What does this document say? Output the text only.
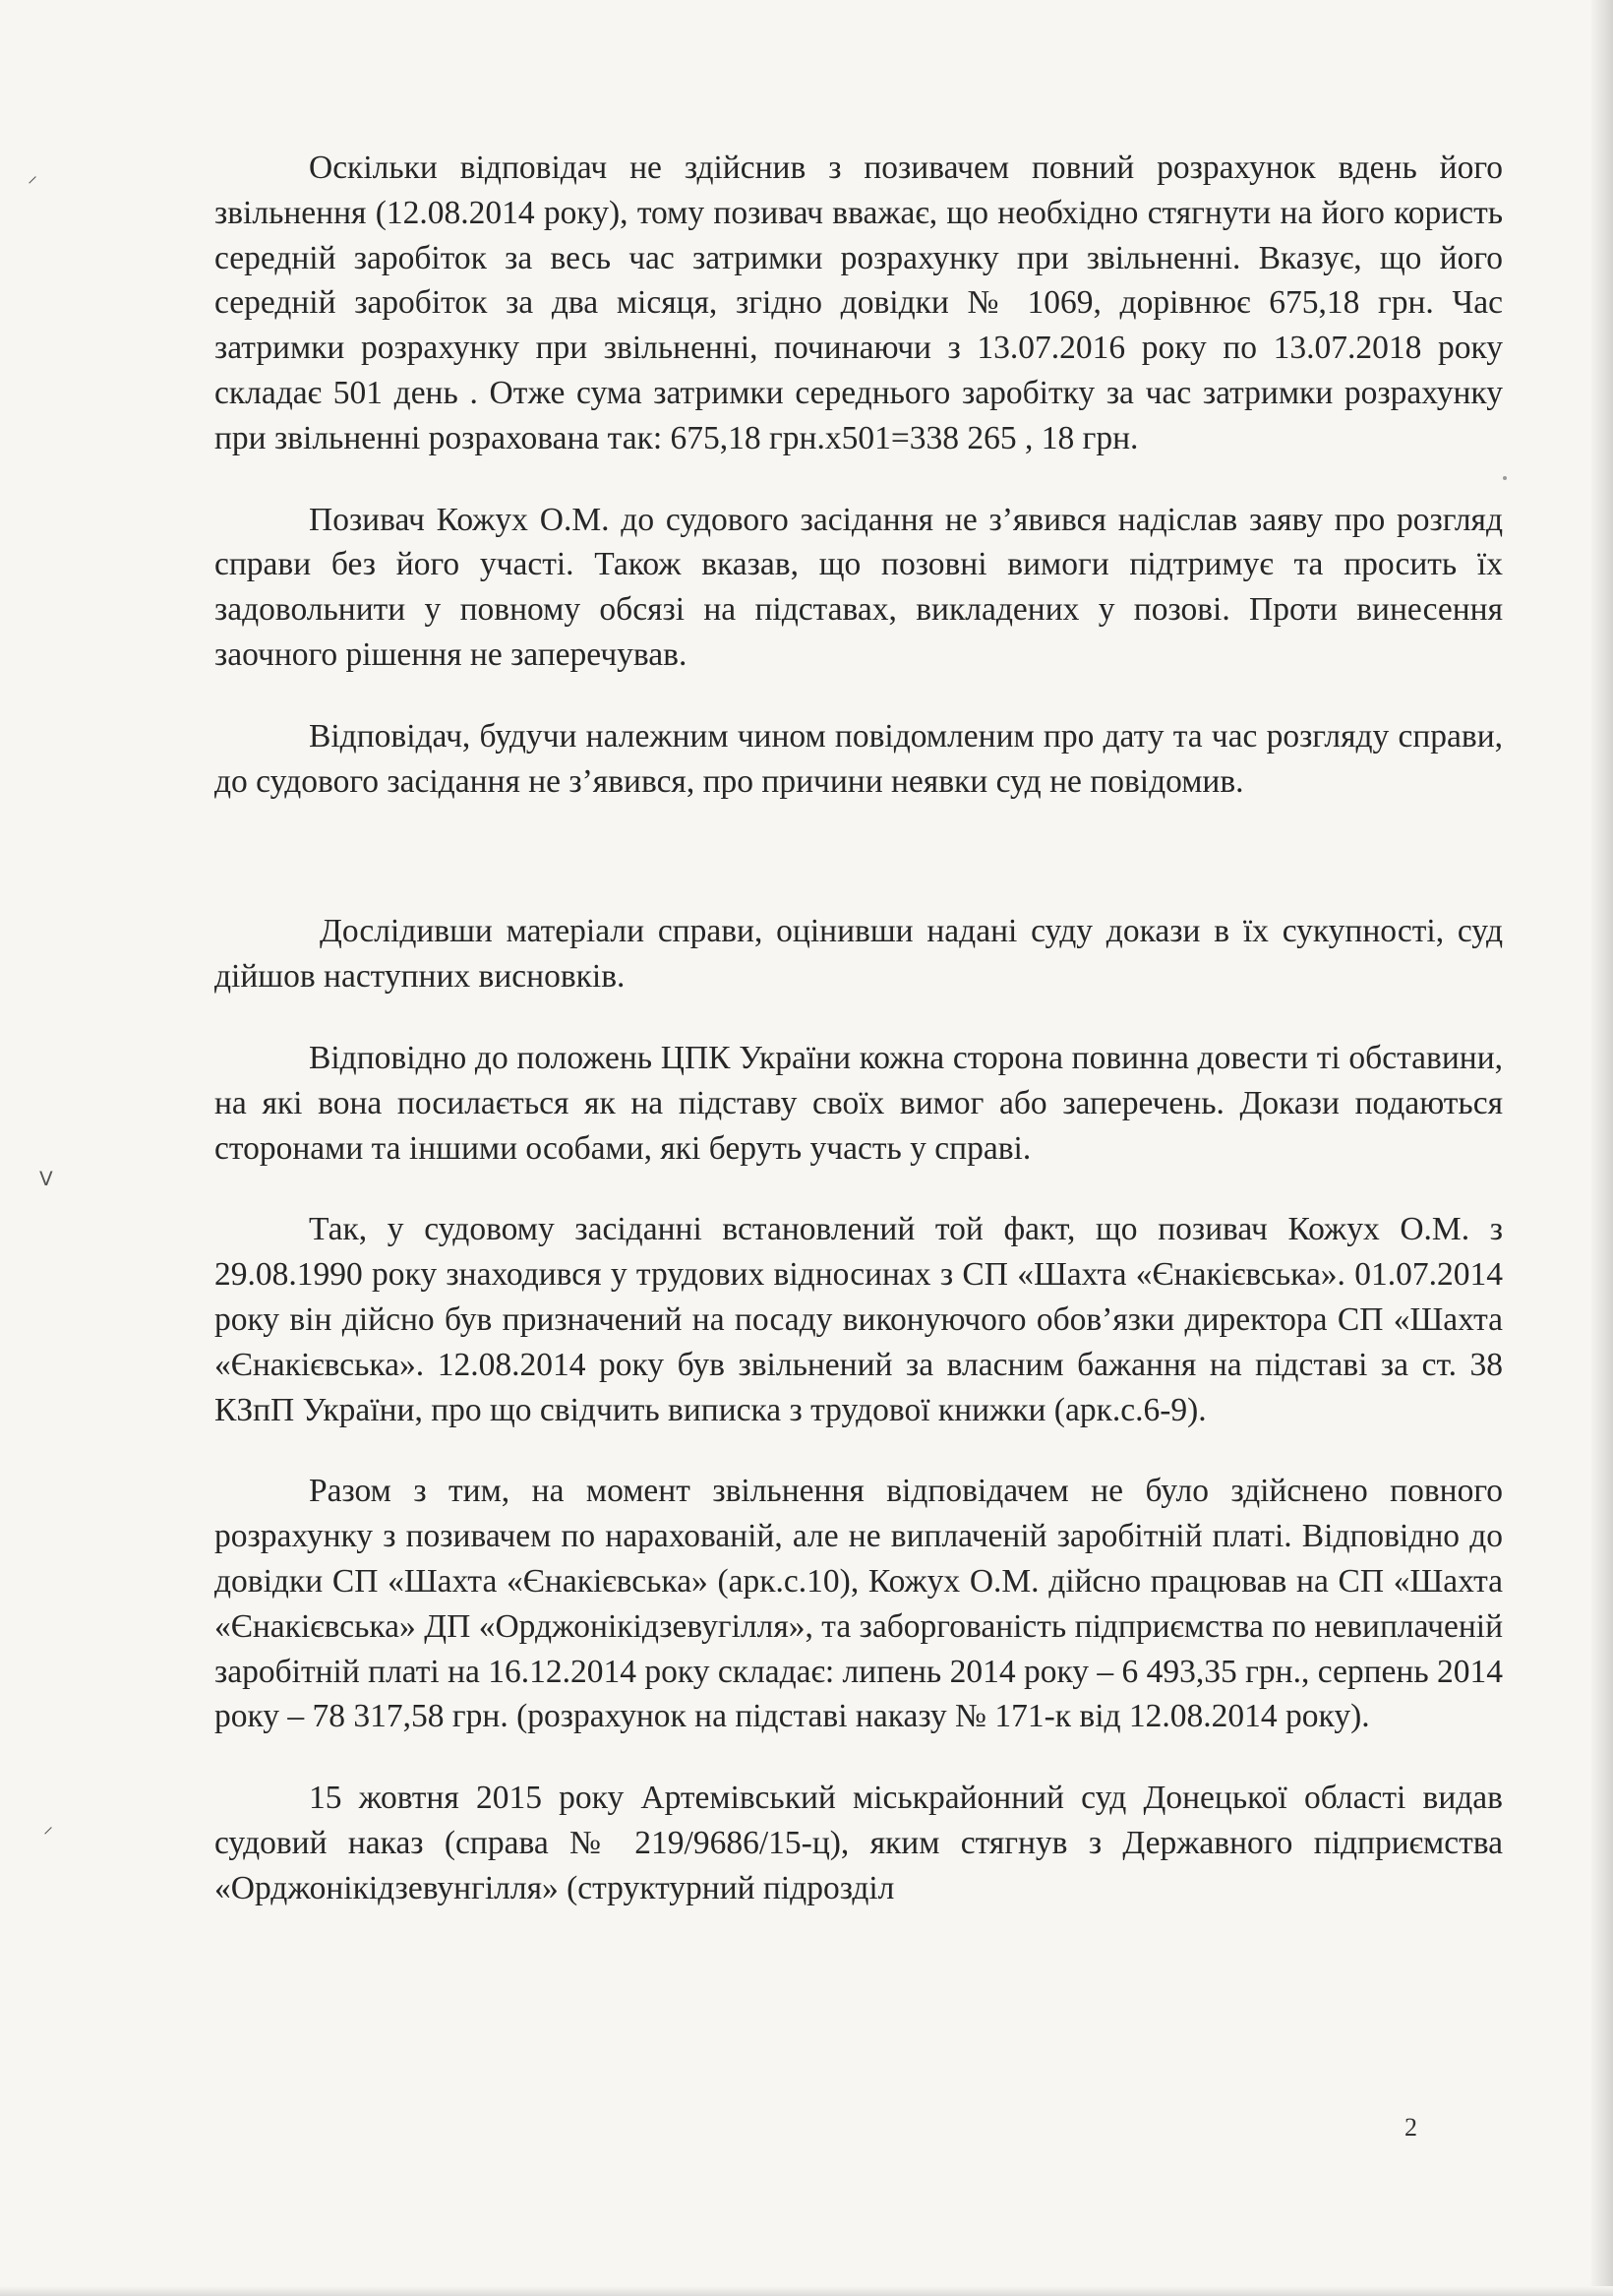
⸝
ᐯ
⸝

Оскільки відповідач не здійснив з позивачем повний розрахунок вдень його звільнення (12.08.2014 року), тому позивач вважає, що необхідно стягнути на його користь середній заробіток за весь час затримки розрахунку при звільненні. Вказує, що його середній заробіток за два місяця, згідно довідки № 1069, дорівнює 675,18 грн. Час затримки розрахунку при звільненні, починаючи з 13.07.2016 року по 13.07.2018 року складає 501 день . Отже сума затримки середнього заробітку за час затримки розрахунку при звільненні розрахована так: 675,18 грн.х501=338 265 , 18 грн.

Позивач Кожух О.М. до судового засідання не з’явився надіслав заяву про розгляд справи без його участі. Також вказав, що позовні вимоги підтримує та просить їх задовольнити у повному обсязі на підставах, викладених у позові. Проти винесення заочного рішення не заперечував.

Відповідач, будучи належним чином повідомленим про дату та час розгляду справи, до судового засідання не з’явився, про причини неявки суд не повідомив.

Дослідивши матеріали справи, оцінивши надані суду докази в їх сукупності, суд дійшов наступних висновків.

Відповідно до положень ЦПК України кожна сторона повинна довести ті обставини, на які вона посилається як на підставу своїх вимог або заперечень. Докази подаються сторонами та іншими особами, які беруть участь у справі.

Так, у судовому засіданні встановлений той факт, що позивач Кожух О.М. з 29.08.1990 року знаходився у трудових відносинах з СП «Шахта «Єнакієвська». 01.07.2014 року він дійсно був призначений на посаду виконуючого обов’язки директора СП «Шахта «Єнакієвська». 12.08.2014 року був звільнений за власним бажання на підставі за ст. 38 КЗпП України, про що свідчить виписка з трудової книжки (арк.с.6-9).

Разом з тим, на момент звільнення відповідачем не було здійснено повного розрахунку з позивачем по нарахованій, але не виплаченій заробітній платі. Відповідно до довідки СП «Шахта «Єнакієвська» (арк.с.10), Кожух О.М. дійсно працював на СП «Шахта «Єнакієвська» ДП «Орджонікідзевугілля», та заборгованість підприємства по невиплаченій заробітній платі на 16.12.2014 року складає: липень 2014 року – 6 493,35 грн., серпень 2014 року – 78 317,58 грн. (розрахунок на підставі наказу № 171-к від 12.08.2014 року).

15 жовтня 2015 року Артемівський міськрайонний суд Донецької області видав судовий наказ (справа № 219/9686/15-ц), яким стягнув з Державного підприємства «Орджонікідзевунгілля» (структурний підрозділ

2
